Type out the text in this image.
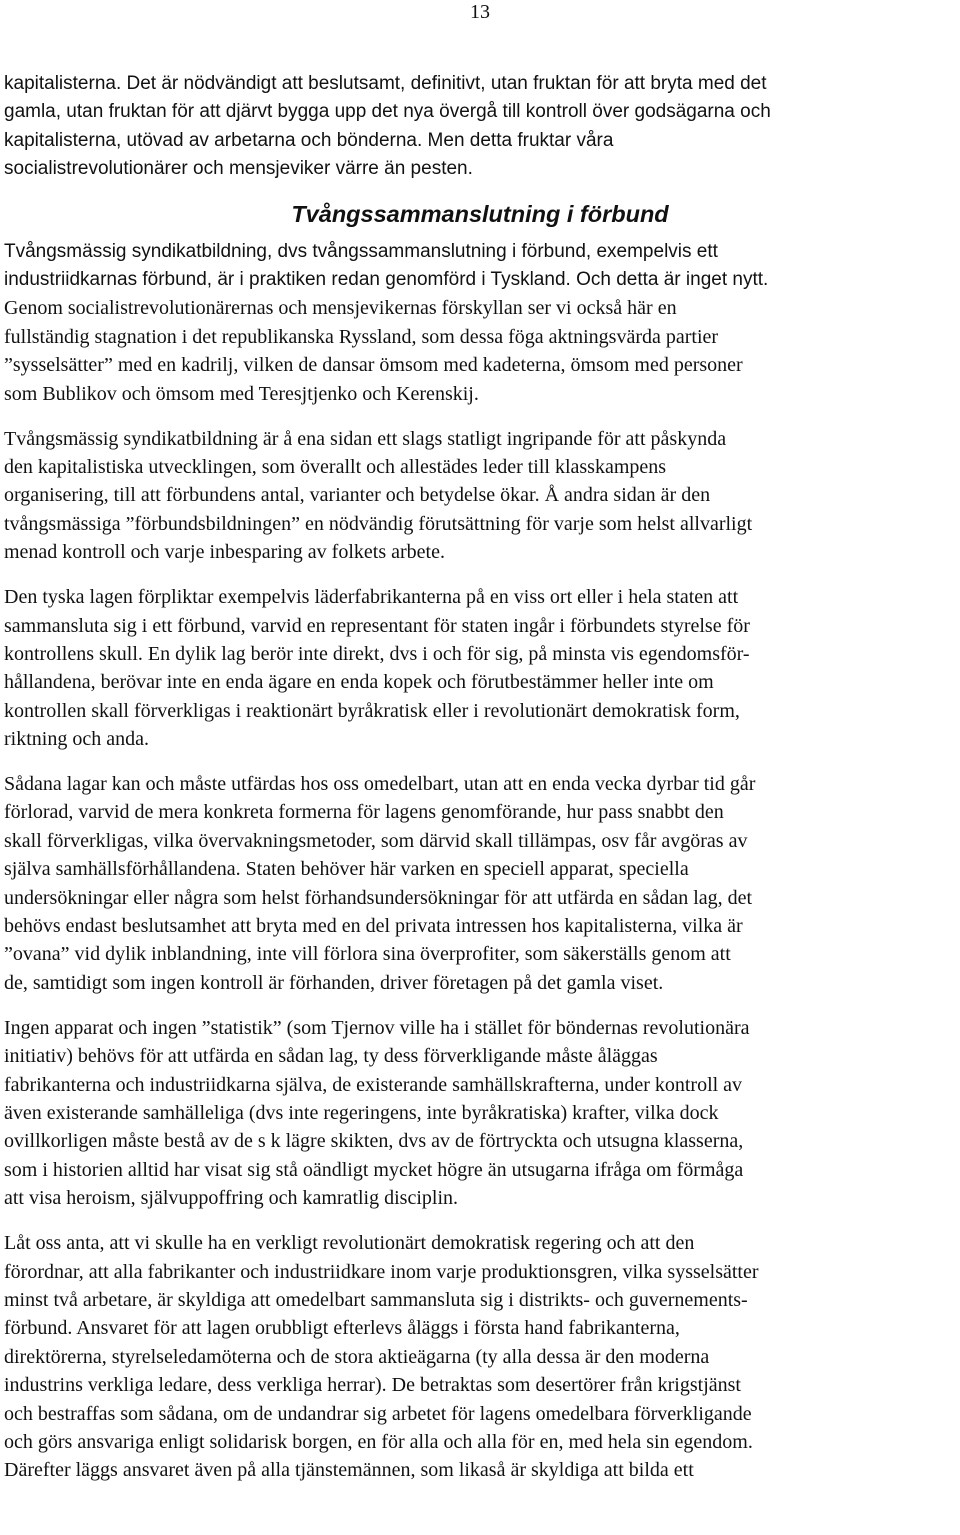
13
kapitalisterna. Det är nödvändigt att beslutsamt, definitivt, utan fruktan för att bryta med det
gamla, utan fruktan för att djärvt bygga upp det nya övergå till kontroll över godsägarna och
kapitalisterna, utövad av arbetarna och bönderna. Men detta fruktar våra
socialistrevolutionärer och mensjeviker värre än pesten.
Tvångssammanslutning i förbund
Tvångsmässig syndikatbildning, dvs tvångssammanslutning i förbund, exempelvis ett
industriidkarnas förbund, är i praktiken redan genomförd i Tyskland. Och detta är inget nytt.
Genom socialistrevolutionärernas och mensjevikernas förskyllan ser vi också här en
fullständig stagnation i det republikanska Ryssland, som dessa föga aktningsvärda partier
”sysselsätter” med en kadrilj, vilken de dansar ömsom med kadeterna, ömsom med personer
som Bublikov och ömsom med Teresjtjenko och Kerenskij.
Tvångsmässig syndikatbildning är å ena sidan ett slags statligt ingripande för att påskynda
den kapitalistiska utvecklingen, som överallt och allestädes leder till klasskampens
organisering, till att förbundens antal, varianter och betydelse ökar. Å andra sidan är den
tvångsmässiga ”förbundsbildningen” en nödvändig förutsättning för varje som helst allvarligt
menad kontroll och varje inbesparing av folkets arbete.
Den tyska lagen förpliktar exempelvis läderfabrikanterna på en viss ort eller i hela staten att
sammansluta sig i ett förbund, varvid en representant för staten ingår i förbundets styrelse för
kontrollens skull. En dylik lag berör inte direkt, dvs i och för sig, på minsta vis egendomsför-
hållandena, berövar inte en enda ägare en enda kopek och förutbestämmer heller inte om
kontrollen skall förverkligas i reaktionärt byråkratisk eller i revolutionärt demokratisk form,
riktning och anda.
Sådana lagar kan och måste utfärdas hos oss omedelbart, utan att en enda vecka dyrbar tid går
förlorad, varvid de mera konkreta formerna för lagens genomförande, hur pass snabbt den
skall förverkligas, vilka övervakningsmetoder, som därvid skall tillämpas, osv får avgöras av
själva samhällsförhållandena. Staten behöver här varken en speciell apparat, speciella
undersökningar eller några som helst förhandsundersökningar för att utfärda en sådan lag, det
behövs endast beslutsamhet att bryta med en del privata intressen hos kapitalisterna, vilka är
”ovana” vid dylik inblandning, inte vill förlora sina överprofiter, som säkerställs genom att
de, samtidigt som ingen kontroll är förhanden, driver företagen på det gamla viset.
Ingen apparat och ingen ”statistik” (som Tjernov ville ha i stället för böndernas revolutionära
initiativ) behövs för att utfärda en sådan lag, ty dess förverkligande måste åläggas
fabrikanterna och industriidkarna själva, de existerande samhällskrafterna, under kontroll av
även existerande samhälleliga (dvs inte regeringens, inte byråkratiska) krafter, vilka dock
ovillkorligen måste bestå av de s k lägre skikten, dvs av de förtryckta och utsugna klasserna,
som i historien alltid har visat sig stå oändligt mycket högre än utsugarna ifråga om förmåga
att visa heroism, självuppoffring och kamratlig disciplin.
Låt oss anta, att vi skulle ha en verkligt revolutionärt demokratisk regering och att den
förordnar, att alla fabrikanter och industriidkare inom varje produktionsgren, vilka sysselsätter
minst två arbetare, är skyldiga att omedelbart sammansluta sig i distrikts- och guvernements-
förbund. Ansvaret för att lagen orubbligt efterlevs åläggs i första hand fabrikanterna,
direktörerna, styrelseledamöterna och de stora aktieägarna (ty alla dessa är den moderna
industrins verkliga ledare, dess verkliga herrar). De betraktas som desertörer från krigstjänst
och bestraffas som sådana, om de undandrar sig arbetet för lagens omedelbara förverkligande
och görs ansvariga enligt solidarisk borgen, en för alla och alla för en, med hela sin egendom.
Därefter läggs ansvaret även på alla tjänstemännen, som likaså är skyldiga att bilda ett
